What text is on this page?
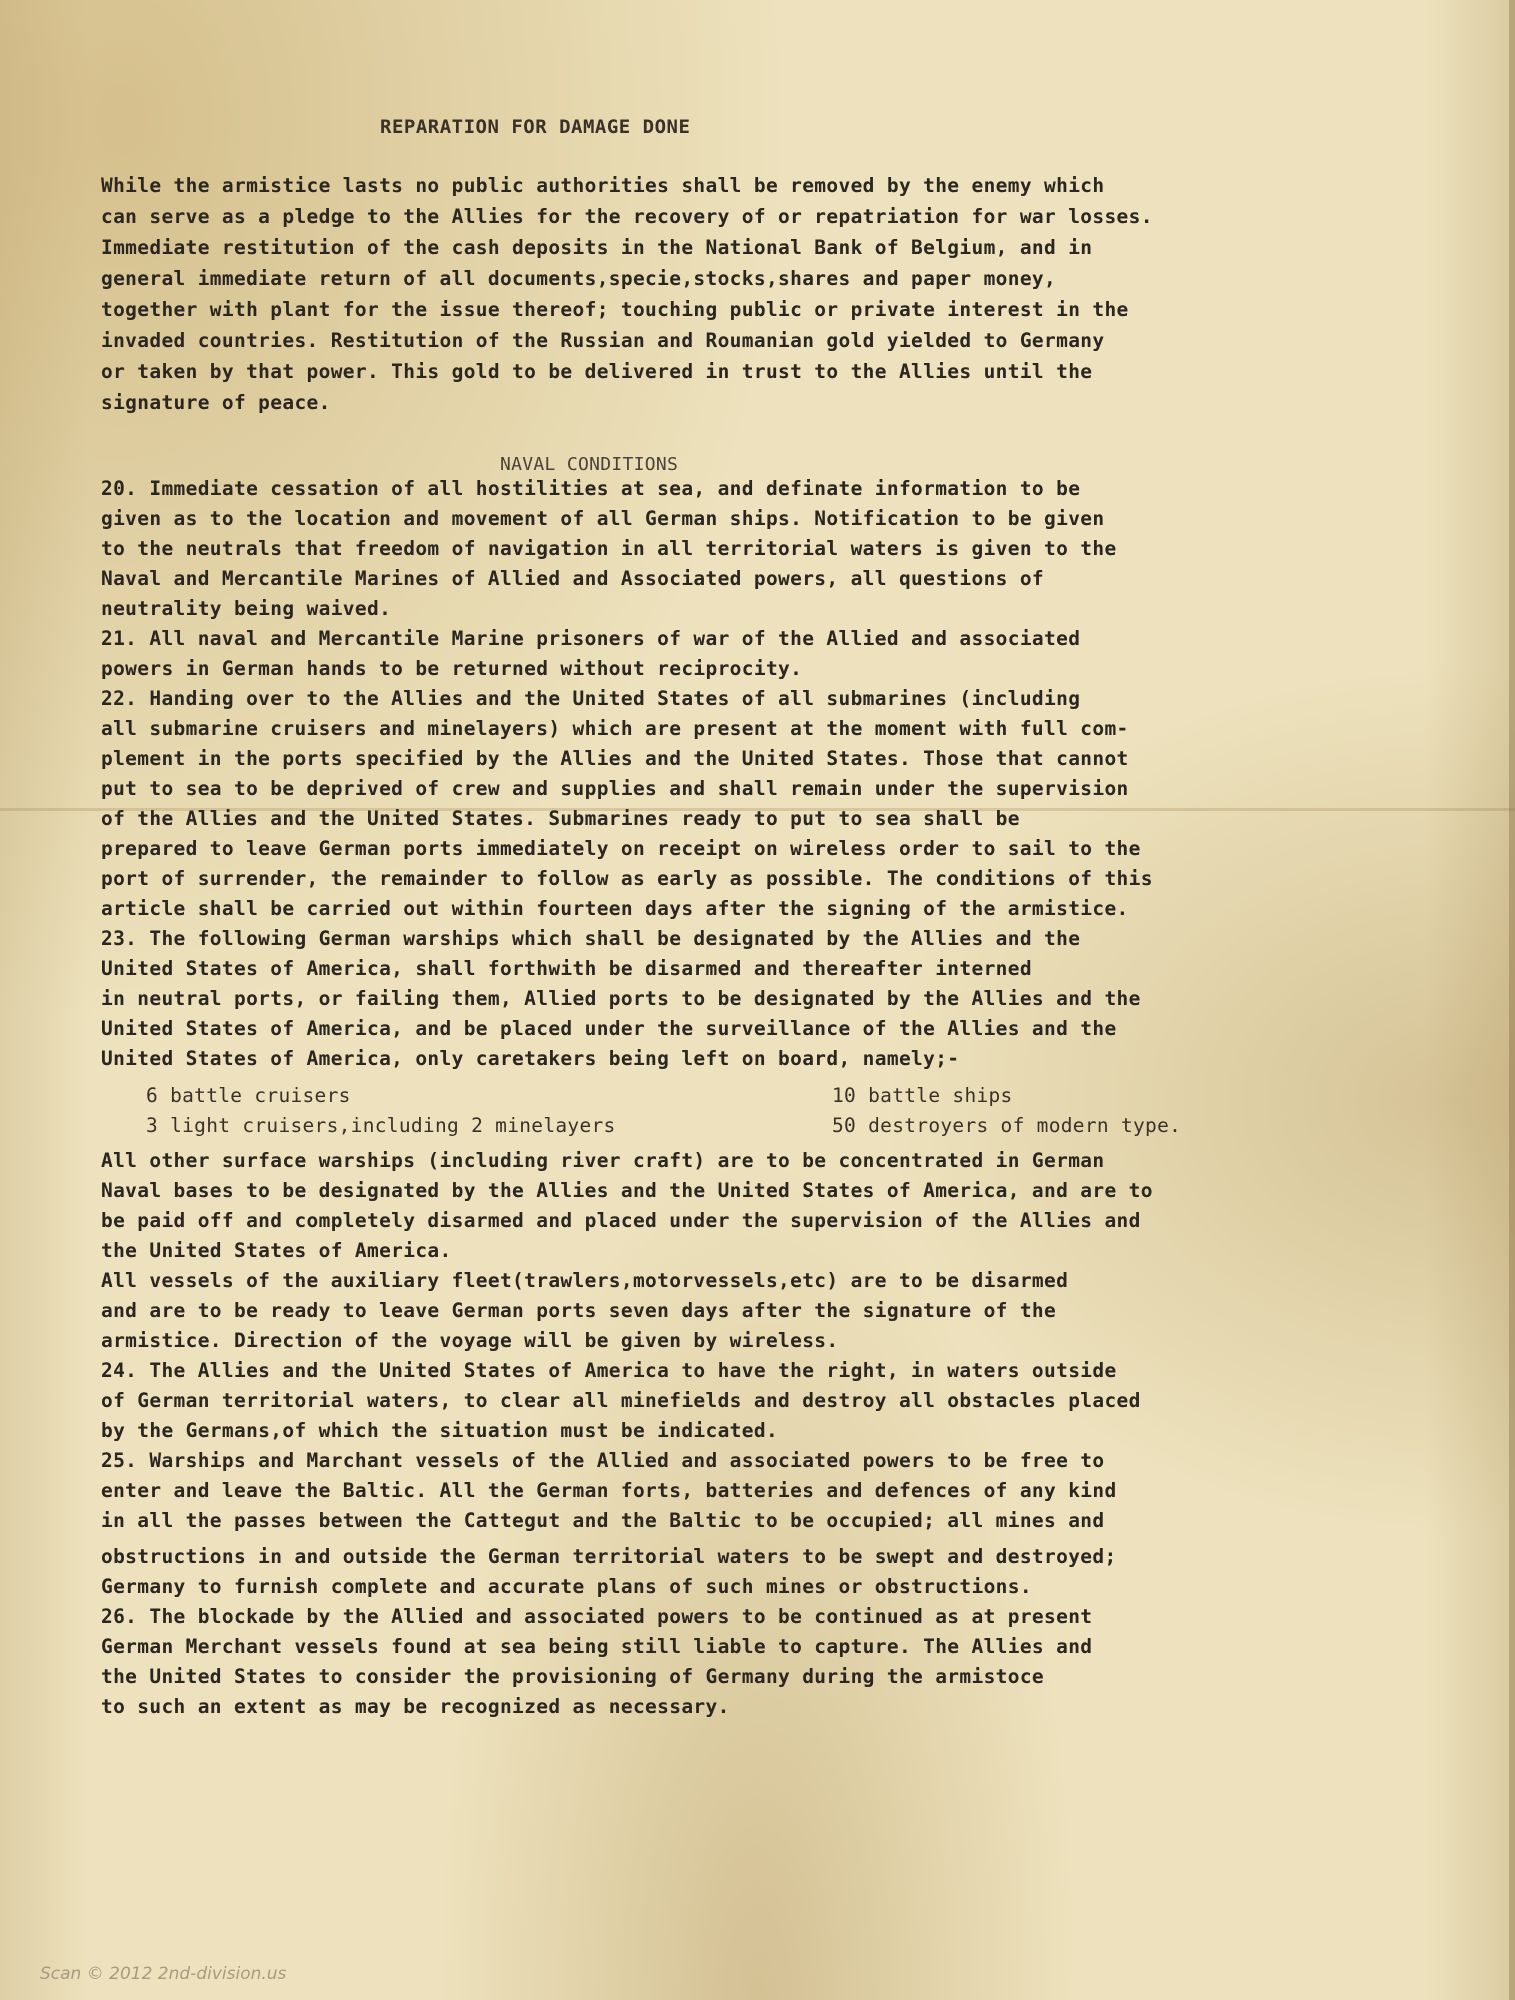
REPARATION FOR DAMAGE DONE
While the armistice lasts no public authorities shall be removed by the enemy which
can serve as a pledge to the Allies for the recovery of or repatriation for war losses.
Immediate restitution of the cash deposits in the National Bank of Belgium, and in
general immediate return of all documents,specie,stocks,shares and paper money,
together with plant for the issue thereof; touching public or private interest in the
invaded countries. Restitution of the Russian and Roumanian gold yielded to Germany
or taken by that power. This gold to be delivered in trust to the Allies until the
signature of peace.
NAVAL CONDITIONS
20. Immediate cessation of all hostilities at sea, and definate information to be
given as to the location and movement of all German ships. Notification to be given
to the neutrals that freedom of navigation in all territorial waters is given to the
Naval and Mercantile Marines of Allied and Associated powers, all questions of
neutrality being waived.
21. All naval and Mercantile Marine prisoners of war of the Allied and associated
powers in German hands to be returned without reciprocity.
22. Handing over to the Allies and the United States of all submarines (including
all submarine cruisers and minelayers) which are present at the moment with full com-
plement in the ports specified by the Allies and the United States. Those that cannot
put to sea to be deprived of crew and supplies and shall remain under the supervision
of the Allies and the United States. Submarines ready to put to sea shall be
prepared to leave German ports immediately on receipt on wireless order to sail to the
port of surrender, the remainder to follow as early as possible. The conditions of this
article shall be carried out within fourteen days after the signing of the armistice.
23. The following German warships which shall be designated by the Allies and the
United States of America, shall forthwith be disarmed and thereafter interned
in neutral ports, or failing them, Allied ports to be designated by the Allies and the
United States of America, and be placed under the surveillance of the Allies and the
United States of America, only caretakers being left on board, namely;-
6 battle cruisers	10 battle ships
3 light cruisers,including 2 minelayers	50 destroyers of modern type.
All other surface warships (including river craft) are to be concentrated in German
Naval bases to be designated by the Allies and the United States of America, and are to
be paid off and completely disarmed and placed under the supervision of the Allies and
the United States of America.
All vessels of the auxiliary fleet(trawlers,motorvessels,etc) are to be disarmed
and are to be ready to leave German ports seven days after the signature of the
armistice. Direction of the voyage will be given by wireless.
24. The Allies and the United States of America to have the right, in waters outside
of German territorial waters, to clear all minefields and destroy all obstacles placed
by the Germans,of which the situation must be indicated.
25. Warships and Marchant vessels of the Allied and associated powers to be free to
enter and leave the Baltic. All the German forts, batteries and defences of any kind
in all the passes between the Cattegut and the Baltic to be occupied; all mines and
obstructions in and outside the German territorial waters to be swept and destroyed;
Germany to furnish complete and accurate plans of such mines or obstructions.
26. The blockade by the Allied and associated powers to be continued as at present
German Merchant vessels found at sea being still liable to capture. The Allies and
the United States to consider the provisioning of Germany during the armistoce
to such an extent as may be recognized as necessary.
Scan © 2012 2nd-division.us
